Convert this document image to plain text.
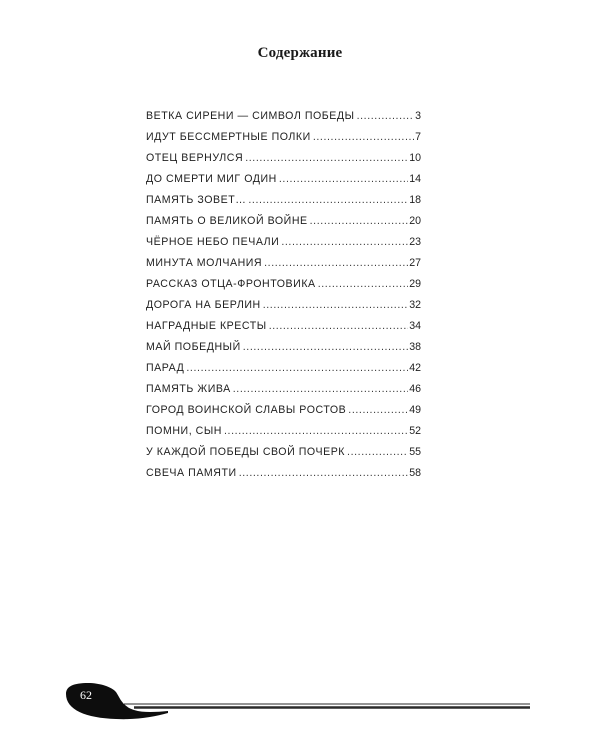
Содержание
ВЕТКА СИРЕНИ — СИМВОЛ ПОБЕДЫ .....	3
ИДУТ БЕССМЕРТНЫЕ ПОЛКИ .....	7
ОТЕЦ ВЕРНУЛСЯ .....	10
ДО СМЕРТИ МИГ ОДИН .....	14
ПАМЯТЬ ЗОВЕТ… .....	18
ПАМЯТЬ О ВЕЛИКОЙ ВОЙНЕ .....	20
ЧЁРНОЕ НЕБО ПЕЧАЛИ .....	23
МИНУТА МОЛЧАНИЯ .....	27
РАССКАЗ ОТЦА-ФРОНТОВИКА .....	29
ДОРОГА НА БЕРЛИН .....	32
НАГРАДНЫЕ КРЕСТЫ .....	34
МАЙ ПОБЕДНЫЙ .....	38
ПАРАД .....	42
ПАМЯТЬ ЖИВА .....	46
ГОРОД ВОИНСКОЙ СЛАВЫ РОСТОВ .....	49
ПОМНИ, СЫН .....	52
У КАЖДОЙ ПОБЕДЫ СВОЙ ПОЧЕРК .....	55
СВЕЧА ПАМЯТИ .....	58
62
